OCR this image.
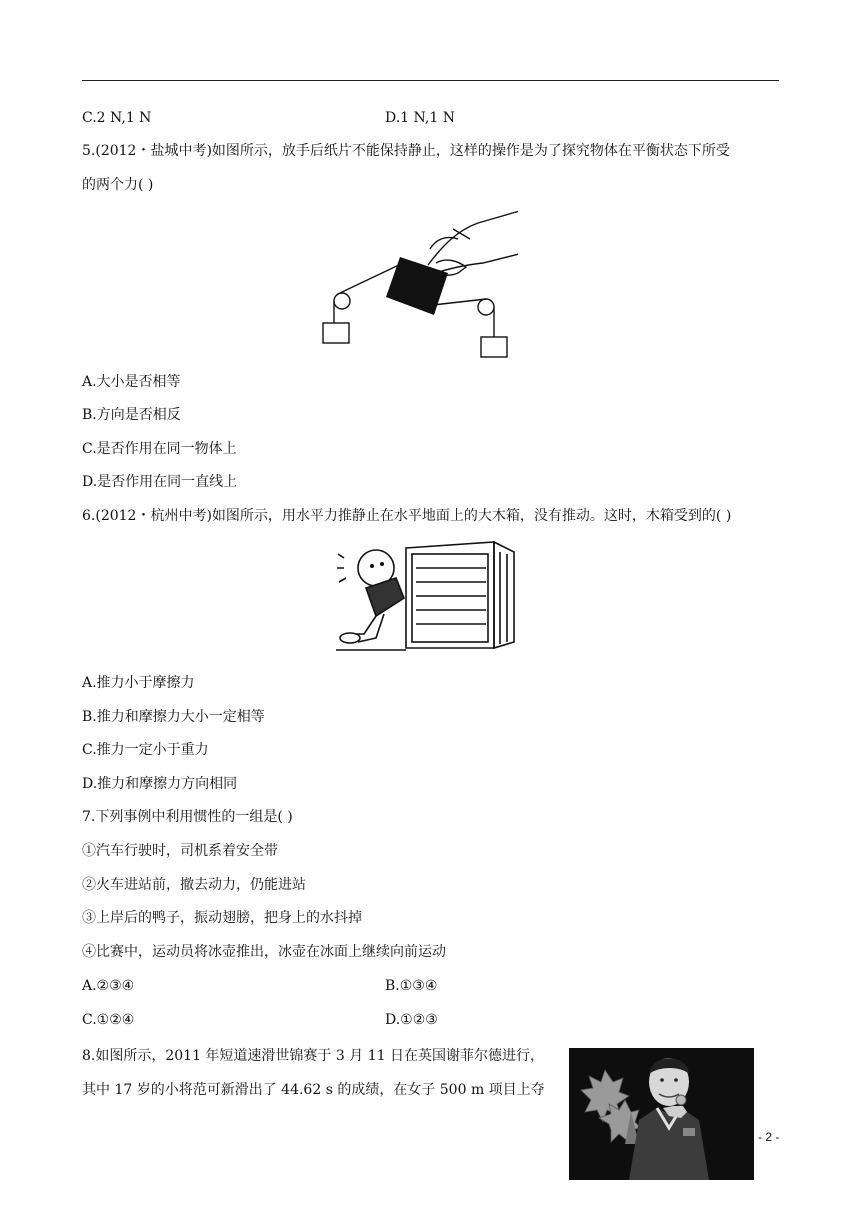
C.2 N,1 N	D.1 N,1 N
5.(2012・盐城中考)如图所示，放手后纸片不能保持静止，这样的操作是为了探究物体在平衡状态下所受
的两个力( )
A.大小是否相等
B.方向是否相反
C.是否作用在同一物体上
D.是否作用在同一直线上
6.(2012・杭州中考)如图所示，用水平力推静止在水平地面上的大木箱，没有推动。这时，木箱受到的( )
A.推力小于摩擦力
B.推力和摩擦力大小一定相等
C.推力一定小于重力
D.推力和摩擦力方向相同
7.下列事例中利用惯性的一组是( )
①汽车行驶时，司机系着安全带
②火车进站前，撤去动力，仍能进站
③上岸后的鸭子，振动翅膀，把身上的水抖掉
④比赛中，运动员将冰壶推出，冰壶在冰面上继续向前运动
A.②③④	B.①③④
C.①②④	D.①②③
8.如图所示，2011 年短道速滑世锦赛于 3 月 11 日在英国谢菲尔德进行，
其中 17 岁的小将范可新滑出了 44.62 s 的成绩，在女子 500 m 项目上夺
- 2 -
